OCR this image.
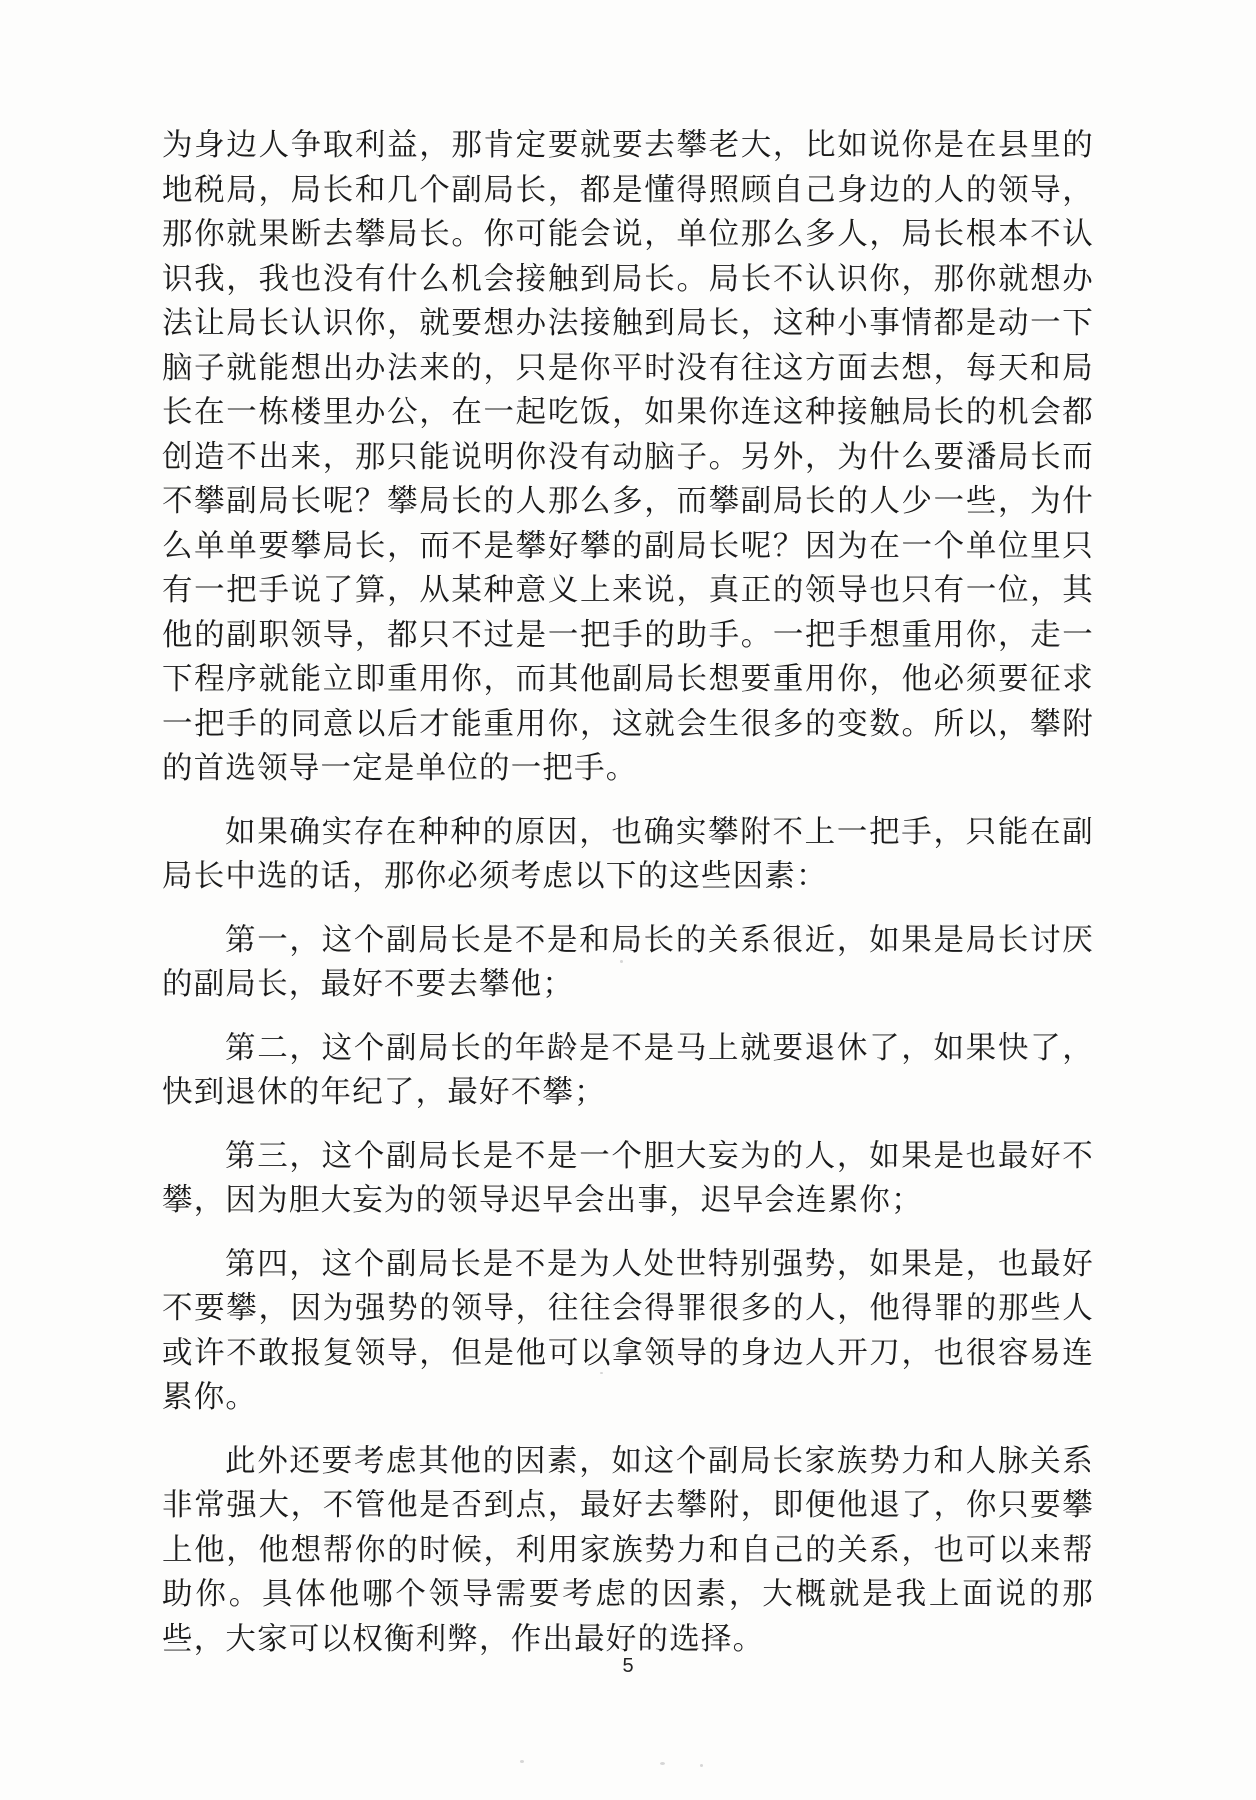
为身边人争取利益，那肯定要就要去攀老大，比如说你是在县里的地税局，局长和几个副局长，都是懂得照顾自己身边的人的领导，那你就果断去攀局长。你可能会说，单位那么多人，局长根本不认识我，我也没有什么机会接触到局长。局长不认识你，那你就想办法让局长认识你，就要想办法接触到局长，这种小事情都是动一下脑子就能想出办法来的，只是你平时没有往这方面去想，每天和局长在一栋楼里办公，在一起吃饭，如果你连这种接触局长的机会都创造不出来，那只能说明你没有动脑子。另外，为什么要潘局长而不攀副局长呢？攀局长的人那么多，而攀副局长的人少一些，为什么单单要攀局长，而不是攀好攀的副局长呢？因为在一个单位里只有一把手说了算，从某种意义上来说，真正的领导也只有一位，其他的副职领导，都只不过是一把手的助手。一把手想重用你，走一下程序就能立即重用你，而其他副局长想要重用你，他必须要征求一把手的同意以后才能重用你，这就会生很多的变数。所以，攀附的首选领导一定是单位的一把手。

如果确实存在种种的原因，也确实攀附不上一把手，只能在副局长中选的话，那你必须考虑以下的这些因素：

第一，这个副局长是不是和局长的关系很近，如果是局长讨厌的副局长，最好不要去攀他；

第二，这个副局长的年龄是不是马上就要退休了，如果快了，快到退休的年纪了，最好不攀；

第三，这个副局长是不是一个胆大妄为的人，如果是也最好不攀，因为胆大妄为的领导迟早会出事，迟早会连累你；

第四，这个副局长是不是为人处世特别强势，如果是，也最好不要攀，因为强势的领导，往往会得罪很多的人，他得罪的那些人或许不敢报复领导，但是他可以拿领导的身边人开刀，也很容易连累你。

此外还要考虑其他的因素，如这个副局长家族势力和人脉关系非常强大，不管他是否到点，最好去攀附，即便他退了，你只要攀上他，他想帮你的时候，利用家族势力和自己的关系，也可以来帮助你。具体他哪个领导需要考虑的因素，大概就是我上面说的那些，大家可以权衡利弊，作出最好的选择。

5
